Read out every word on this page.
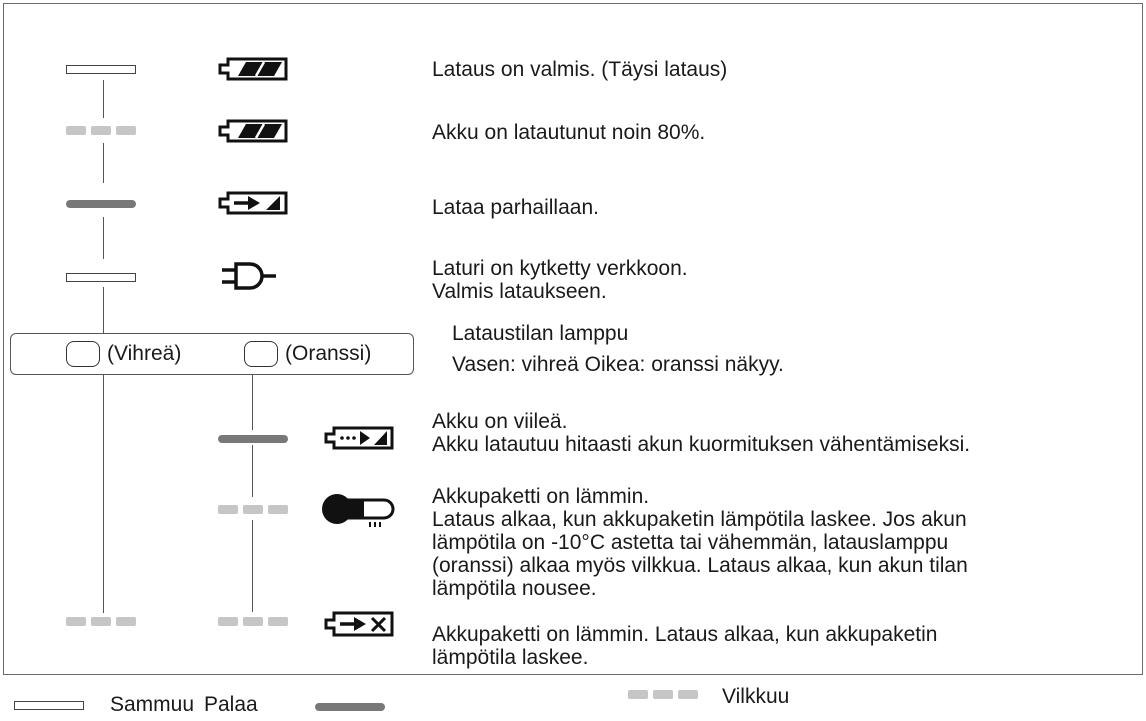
Lataus on valmis. (Täysi lataus)
Akku on latautunut noin 80%.
Lataa parhaillaan.
Laturi on kytketty verkkoon.
Valmis lataukseen.
(Vihreä)	(Oranssi)
Lataustilan lamppu
Vasen: vihreä Oikea: oranssi näkyy.
Akku on viileä.
Akku latautuu hitaasti akun kuormituksen vähentämiseksi.
Akkupaketti on lämmin.
Lataus alkaa, kun akkupaketin lämpötila laskee. Jos akun
lämpötila on -10°C astetta tai vähemmän, latauslamppu
(oranssi) alkaa myös vilkkua. Lataus alkaa, kun akun tilan
lämpötila nousee.
Akkupaketti on lämmin. Lataus alkaa, kun akkupaketin
lämpötila laskee.
Sammuu Palaa	Vilkkuu
